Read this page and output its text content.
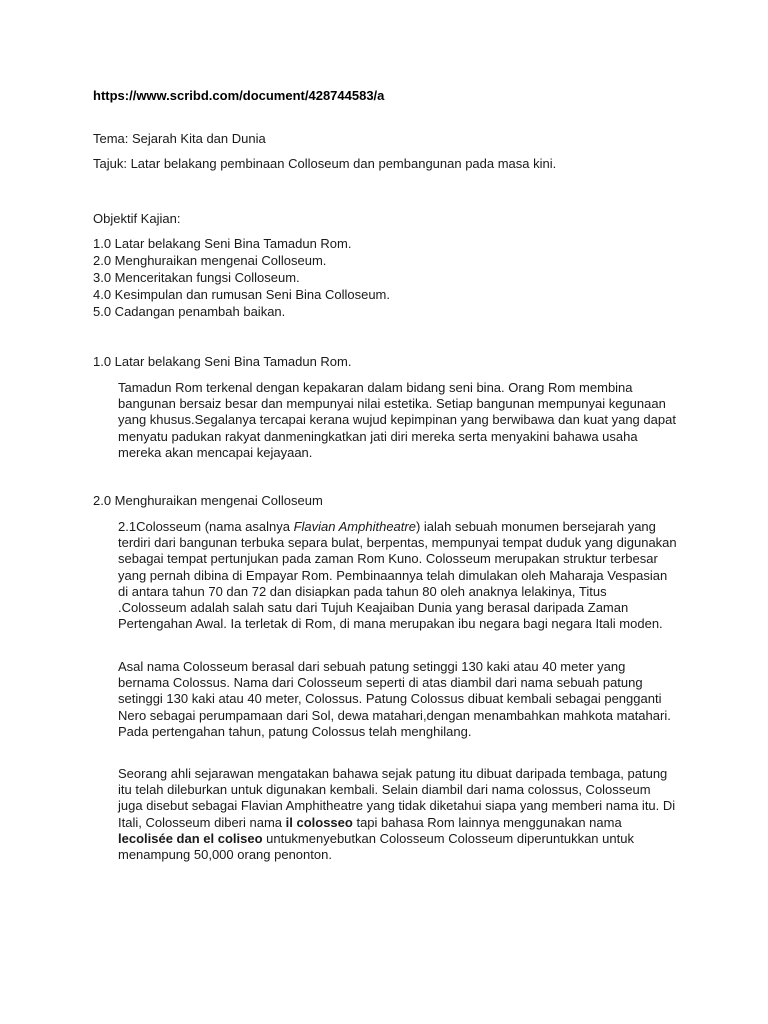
https://www.scribd.com/document/428744583/a
Tema: Sejarah Kita dan Dunia
Tajuk: Latar belakang pembinaan Colloseum dan pembangunan pada masa kini.
Objektif Kajian:
1.0 Latar belakang Seni Bina Tamadun Rom.
2.0 Menghuraikan mengenai Colloseum.
3.0 Menceritakan fungsi Colloseum.
4.0 Kesimpulan dan rumusan Seni Bina Colloseum.
5.0 Cadangan penambah baikan.
1.0 Latar belakang Seni Bina Tamadun Rom.

Tamadun Rom terkenal dengan kepakaran dalam bidang seni bina. Orang Rom membina bangunan bersaiz besar dan mempunyai nilai estetika. Setiap bangunan mempunyai kegunaan yang khusus.Segalanya tercapai kerana wujud kepimpinan yang berwibawa dan kuat yang dapat menyatu padukan rakyat danmeningkatkan jati diri mereka serta menyakini bahawa usaha mereka akan mencapai kejayaan.

2.0 Menghuraikan mengenai Colloseum

2.1Colosseum (nama asalnya Flavian Amphitheatre) ialah sebuah monumen bersejarah yang terdiri dari bangunan terbuka separa bulat, berpentas, mempunyai tempat duduk yang digunakan sebagai tempat pertunjukan pada zaman Rom Kuno. Colosseum merupakan struktur terbesar yang pernah dibina di Empayar Rom. Pembinaannya telah dimulakan oleh Maharaja Vespasian di antara tahun 70 dan 72 dan disiapkan pada tahun 80 oleh anaknya lelakinya, Titus .Colosseum adalah salah satu dari Tujuh Keajaiban Dunia yang berasal daripada Zaman Pertengahan Awal. Ia terletak di Rom, di mana merupakan ibu negara bagi negara Itali moden.

Asal nama Colosseum berasal dari sebuah patung setinggi 130 kaki atau 40 meter yang bernama Colossus. Nama dari Colosseum seperti di atas diambil dari nama sebuah patung setinggi 130 kaki atau 40 meter, Colossus. Patung Colossus dibuat kembali sebagai pengganti Nero sebagai perumpamaan dari Sol, dewa matahari,dengan menambahkan mahkota matahari. Pada pertengahan tahun, patung Colossus telah menghilang.

Seorang ahli sejarawan mengatakan bahawa sejak patung itu dibuat daripada tembaga, patung itu telah dileburkan untuk digunakan kembali. Selain diambil dari nama colossus, Colosseum juga disebut sebagai Flavian Amphitheatre yang tidak diketahui siapa yang memberi nama itu. Di Itali, Colosseum diberi nama il colosseo tapi bahasa Rom lainnya menggunakan nama lecolisée dan el coliseo untukmenyebutkan Colosseum Colosseum diperuntukkan untuk menampung 50,000 orang penonton.
